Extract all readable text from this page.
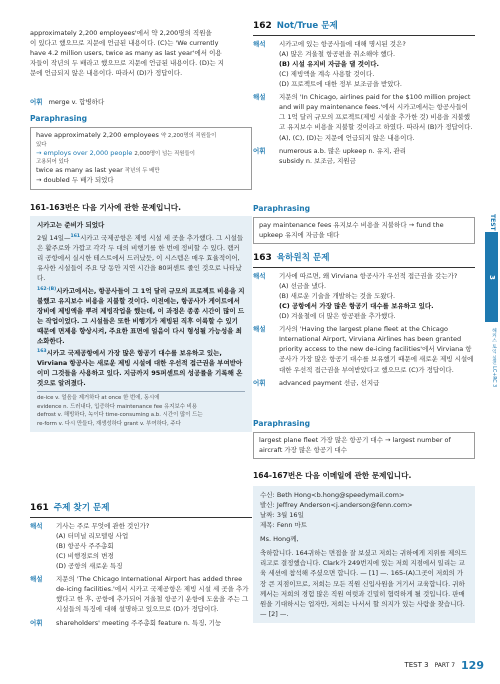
approximately 2,200 employees'에서 약 2,200명의 직원을

이 있다고 했으므로 지문에 언급된 내용이다. (C)는 'We currently

have 4.2 million users, twice as many as last year'에서 이용

자들이 작년의 두 배라고 했으므로 지문에 언급된 내용이다. (D)는 지

문에 언급되지 않은 내용이다. 따라서 (D)가 정답이다.

어휘 merge v. 합병하다
Paraphrasing
have approximately 2,200 employees 약 2,200명의 직원들이
있다
→ employs over 2,000 people 2,000명이 넘는 직원들이
고용되어 있다
twice as many as last year 작년의 두 배만
→ doubled 두 배가 되었다
161-163번은 다음 기사에 관한 문제입니다.

시카고는 준비가 되었다

2월 14일—$^{161}$시카고 국제공항은 제빙 시설 세 곳을 추가했다. 그 시설들은 활주로와 가깝고 각각 두 대의 비행기를 한 번에 정비할 수 있다. 램커리 공항에서 실시한 테스트에서 드러났듯, 이 시스템은 매우 효율적이어, 유사한 시설들이 주요 당 동안 지연 시간을 80퍼센트 줄인 것으로 나타났다.

$^{162-(B)}$시카고에서는, 항공사들이 그 1억 달러 규모의 프로젝트 비용을 지불했고 유지보수 비용을 지불할 것이다. 이전에는, 항공사가 게이트에서 장비에 제빙액을 뿌려 제빙작업을 했는데, 이 과정은 종종 시간이 많이 드는 작업이었다. 그 시설들은 또한 비행기가 제빙된 직후 이륙할 수 있기 때문에 면제용 향상시켜, 주요한 표면에 얼음이 다시 형성될 가능성을 최소화한다.

$^{163}$시카고 국제공항에서 가장 많은 항공기 대수를 보유하고 있는, Virviana 항공사는 새로운 제빙 시설에 대한 우선적 접근권을 부여받아 이미 그것들을 사용하고 있다. 지금까지 95퍼센트의 성공률을 기록해 온 것으로 알려졌다.

de-ice v. 얼음을 제거하다 at once 한 번에, 동시에

evidence n. 드러내다, 입증하다 maintenance fee 유지보수 비용

defrost v. 해빙하다, 녹이다 time-consuming a.b. 시간이 많이 드는

re-form v. 다시 만들다, 재생성하다 grant v. 부여하다, 주다

161 주제 찾기 문제
해석	기사는 주로 무엇에 관한 것인가?

(A) 터미널 리모델링 사업
(B) 항공사 주주총회
(C) 비행경로의 변경
(D) 공항의 새로운 특징
해설	지문의 'The Chicago International Airport has added three de-icing facilities.'에서 시카고 국제공항은 제빙 시설 세 곳을 추가했다고 한 후, 공항에 추가되어 겨울철 항공기 운항에 도움을 주는 그 시설들의 특징에 대해 설명하고 있으므로 (D)가 정답이다.

어휘	shareholders' meeting 주주총회 feature n. 특징, 기능

162 Not/True 문제
해석	시카고에 있는 항공사들에 대해 명시된 것은?

(A) 많은 겨울철 항공편을 취소해야 했다.
(B) 시설 유지비 자금을 댈 것이다.
(C) 제빙액을 계속 사용할 것이다.
(D) 프로젝트에 대한 정부 보조금을 받았다.
해설	지문의 'In Chicago, airlines paid for the $100 million project and will pay maintenance fees.'에서 시카고에서는 항공사들이 그 1억 달러 규모의 프로젝트(제빙 시설을 추가한 것) 비용을 지불했고 유지보수 비용을 지불할 것이라고 하였다. 따라서 (B)가 정답이다. (A), (C), (D)는 지문에 언급되지 않은 내용이다.

어휘	numerous a.b. 많은 upkeep n. 유지, 관리

subsidy n. 보조금, 지원금

Paraphrasing
pay maintenance fees 유지보수 비용을 지불하다 → fund the
upkeep 유지에 자금을 대다
163 육하원칙 문제
해석	기사에 따르면, 왜 Virviana 항공사가 우선적 접근권을 갖는가?

(A) 선금을 냈다.
(B) 새로운 기술을 개발하는 것을 도왔다.
(C) 공항에서 가장 많은 항공기 대수를 보유하고 있다.
(D) 겨울철에 더 많은 항공편을 추가했다.
해설	기사의 'Having the largest plane fleet at the Chicago International Airport, Virviana Airlines has been granted priority access to the new de-icing facilities'에서 Virviana 항공사가 가장 많은 항공기 대수를 보유했기 때문에 새로운 제빙 시설에 대한 우선적 접근권을 부여받았다고 했으므로 (C)가 정답이다.

어휘	advanced payment 선금, 선지급

Paraphrasing
largest plane fleet 가장 많은 항공기 대수 → largest number of
aircraft 가장 많은 항공기 대수
164-167번은 다음 이메일에 관한 문제입니다.

수신: Beth Hong<b.hong@speedymail.com>

발신: Jeffrey Anderson<j.anderson@fenn.com>

날짜: 3월 16일

제목: Fenn 마트

Ms. Hong께,

축하합니다. 164귀하는 면접을 잘 보셨고 저희는 귀하에게 지위를 제의드리고로 결정했습니다. Clark가 249번지에 있는 저희 지점에서 일리는 교육 세션에 참석해 주셨으면 합니다. — [1] —. 165-(A)그곳이 저희의 가장 큰 지점이므로, 저희는 모든 직원 신입사원을 거기서 교육합니다. 귀하께서는 저희의 경험 많은 직원 여럿과 긴밀히 협력하게 될 것입니다. 판매원을 기대하시는 업자만, 저희는 나서서 할 의지가 있는 사람을 찾습니다. — [2] —.

TEST
3
해커스 토익 실전 LC+RC 3
TEST 3 PART 7 129
